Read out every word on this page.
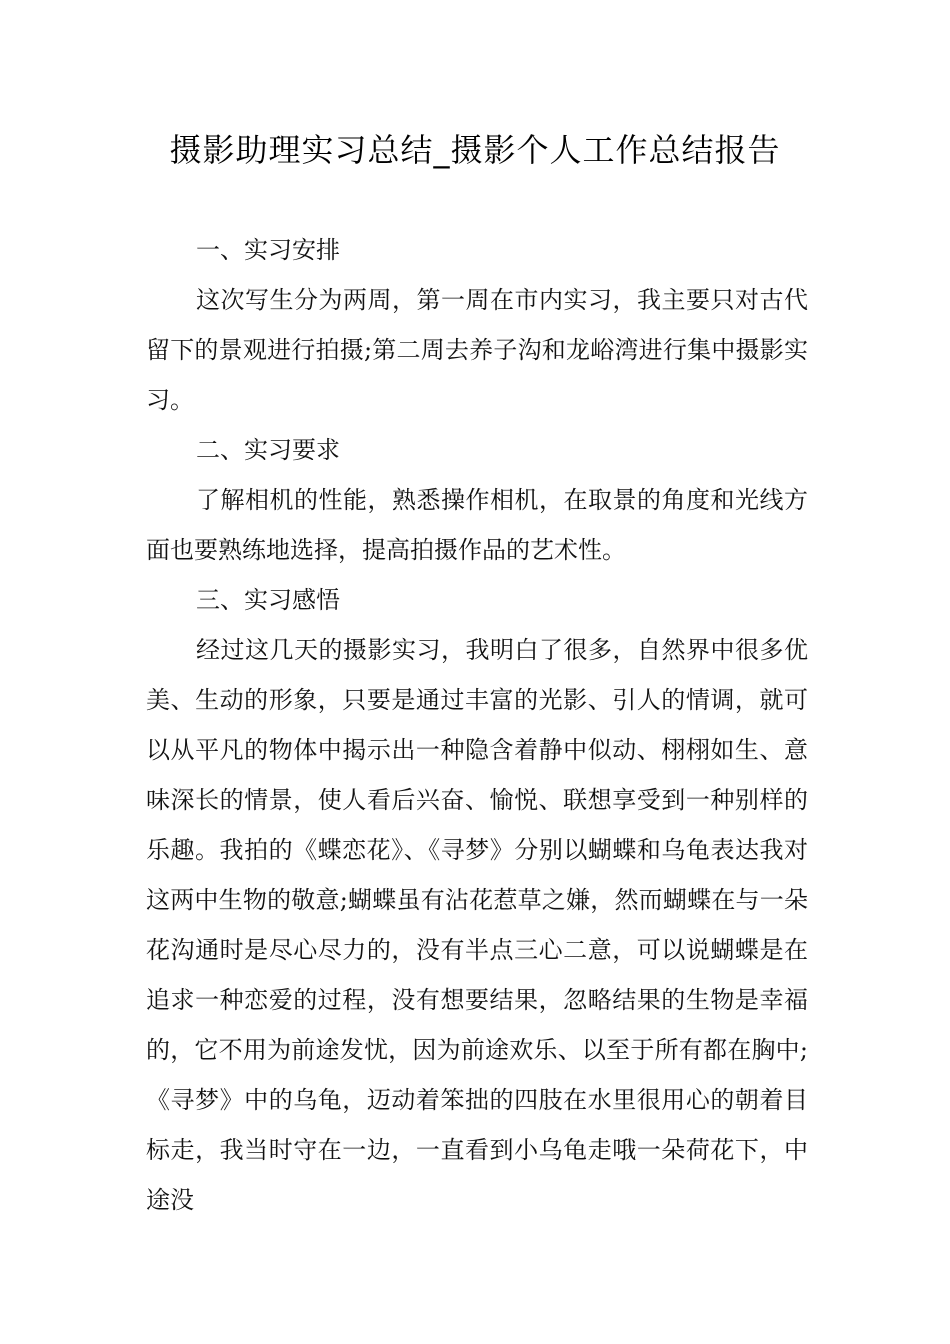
摄影助理实习总结_摄影个人工作总结报告

一、实习安排

这次写生分为两周，第一周在市内实习，我主要只对古代留下的景观进行拍摄;第二周去养子沟和龙峪湾进行集中摄影实习。

二、实习要求

了解相机的性能，熟悉操作相机，在取景的角度和光线方面也要熟练地选择，提高拍摄作品的艺术性。

三、实习感悟

经过这几天的摄影实习，我明白了很多，自然界中很多优美、生动的形象，只要是通过丰富的光影、引人的情调，就可以从平凡的物体中揭示出一种隐含着静中似动、栩栩如生、意味深长的情景，使人看后兴奋、愉悦、联想享受到一种别样的乐趣。我拍的《蝶恋花》、《寻梦》分别以蝴蝶和乌龟表达我对这两中生物的敬意;蝴蝶虽有沾花惹草之嫌，然而蝴蝶在与一朵花沟通时是尽心尽力的，没有半点三心二意，可以说蝴蝶是在追求一种恋爱的过程，没有想要结果，忽略结果的生物是幸福的，它不用为前途发忧，因为前途欢乐、以至于所有都在胸中;《寻梦》中的乌龟，迈动着笨拙的四肢在水里很用心的朝着目标走，我当时守在一边，一直看到小乌龟走哦一朵荷花下，中途没
